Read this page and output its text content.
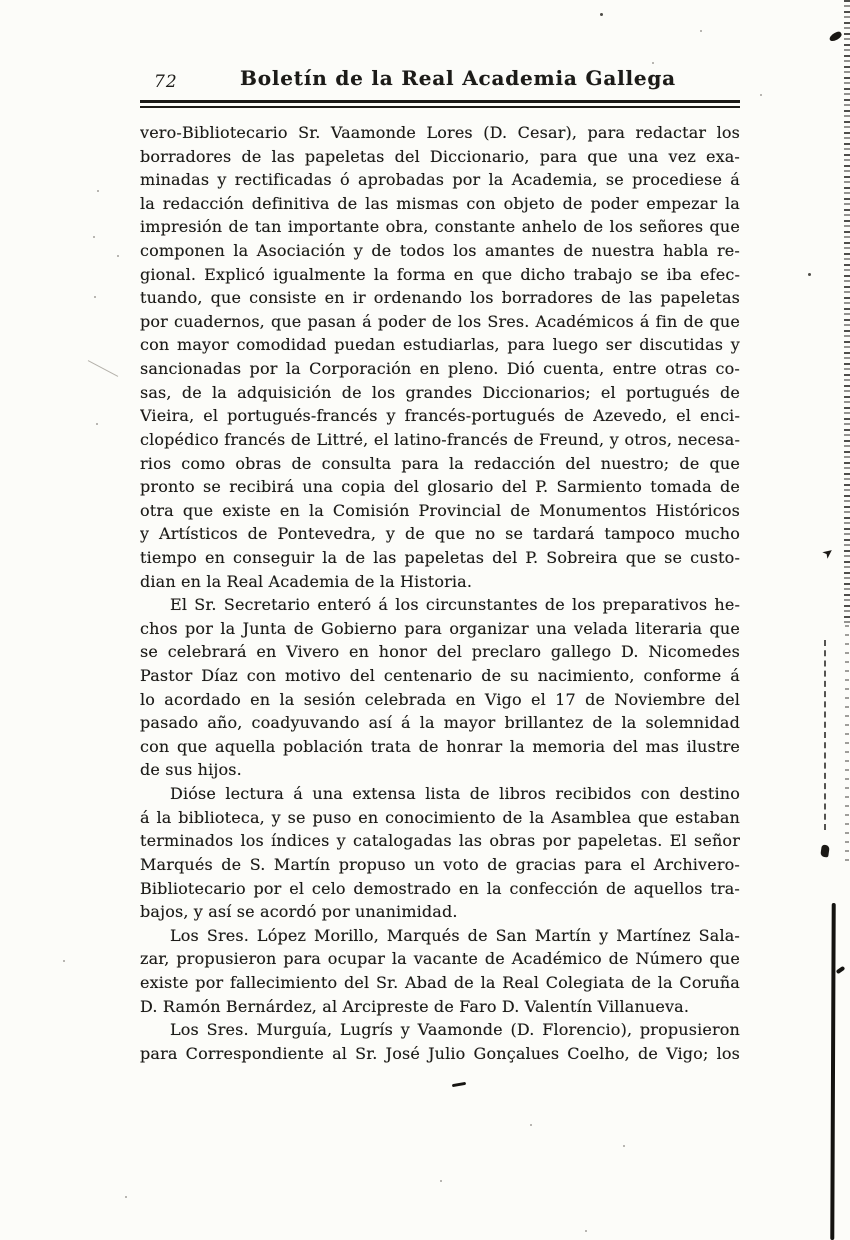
72	Boletín de la Real Academia Gallega
vero-Bibliotecario Sr. Vaamonde Lores (D. Cesar), para redactar los
borradores de las papeletas del Diccionario, para que una vez exa-
minadas y rectificadas ó aprobadas por la Academia, se procediese á
la redacción definitiva de las mismas con objeto de poder empezar la
impresión de tan importante obra, constante anhelo de los señores que
componen la Asociación y de todos los amantes de nuestra habla re-
gional. Explicó igualmente la forma en que dicho trabajo se iba efec-
tuando, que consiste en ir ordenando los borradores de las papeletas
por cuadernos, que pasan á poder de los Sres. Académicos á fin de que
con mayor comodidad puedan estudiarlas, para luego ser discutidas y
sancionadas por la Corporación en pleno. Dió cuenta, entre otras co-
sas, de la adquisición de los grandes Diccionarios; el portugués de
Vieira, el portugués-francés y francés-portugués de Azevedo, el enci-
clopédico francés de Littré, el latino-francés de Freund, y otros, necesa-
rios como obras de consulta para la redacción del nuestro; de que
pronto se recibirá una copia del glosario del P. Sarmiento tomada de
otra que existe en la Comisión Provincial de Monumentos Históricos
y Artísticos de Pontevedra, y de que no se tardará tampoco mucho
tiempo en conseguir la de las papeletas del P. Sobreira que se custo-
dian en la Real Academia de la Historia.
El Sr. Secretario enteró á los circunstantes de los preparativos he-
chos por la Junta de Gobierno para organizar una velada literaria que
se celebrará en Vivero en honor del preclaro gallego D. Nicomedes
Pastor Díaz con motivo del centenario de su nacimiento, conforme á
lo acordado en la sesión celebrada en Vigo el 17 de Noviembre del
pasado año, coadyuvando así á la mayor brillantez de la solemnidad
con que aquella población trata de honrar la memoria del mas ilustre
de sus hijos.
Dióse lectura á una extensa lista de libros recibidos con destino
á la biblioteca, y se puso en conocimiento de la Asamblea que estaban
terminados los índices y catalogadas las obras por papeletas. El señor
Marqués de S. Martín propuso un voto de gracias para el Archivero-
Bibliotecario por el celo demostrado en la confección de aquellos tra-
bajos, y así se acordó por unanimidad.
Los Sres. López Morillo, Marqués de San Martín y Martínez Sala-
zar, propusieron para ocupar la vacante de Académico de Número que
existe por fallecimiento del Sr. Abad de la Real Colegiata de la Coruña
D. Ramón Bernárdez, al Arcipreste de Faro D. Valentín Villanueva.
Los Sres. Murguía, Lugrís y Vaamonde (D. Florencio), propusieron
para Correspondiente al Sr. José Julio Gonçalues Coelho, de Vigo; los
➤
